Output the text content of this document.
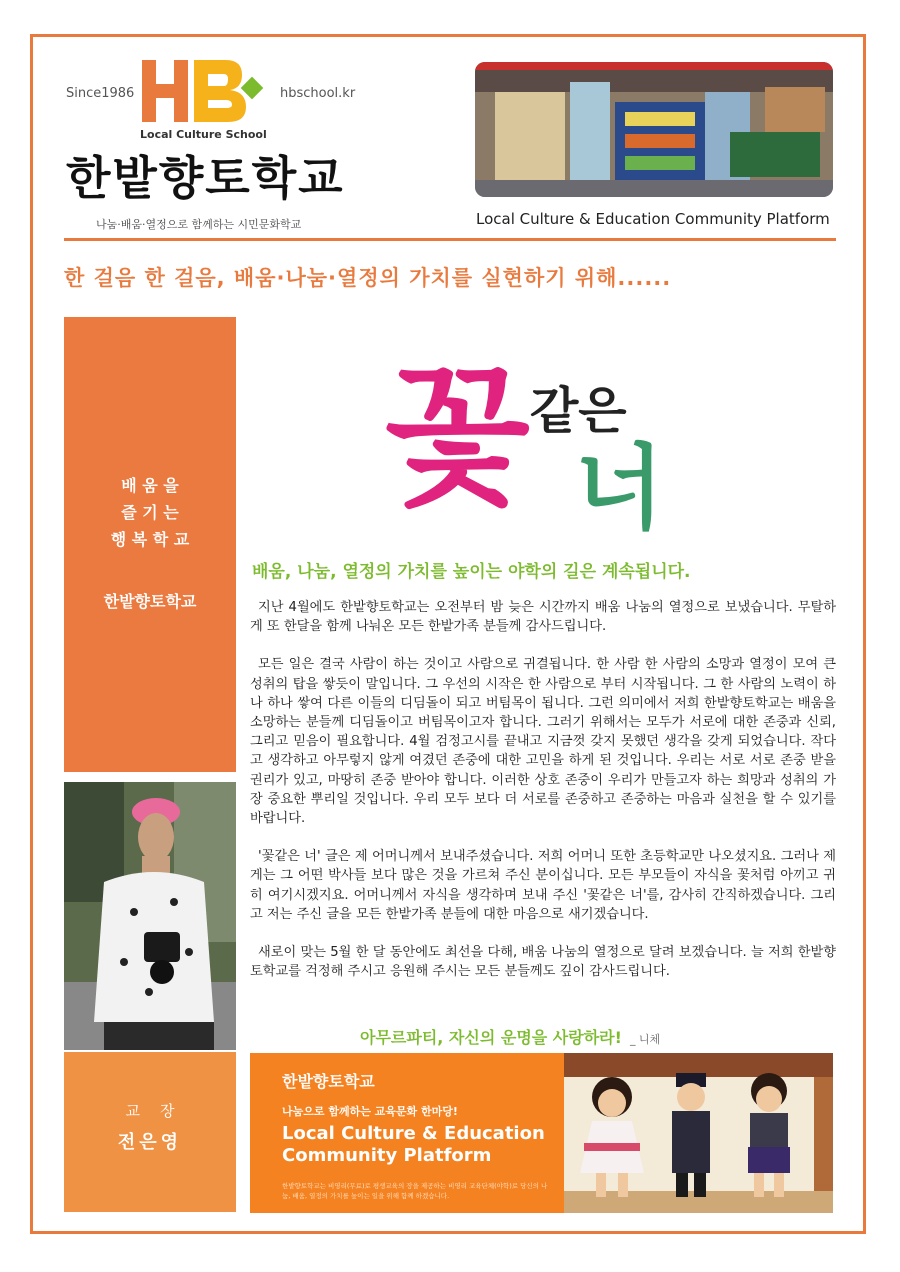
Since1986	hbschool.kr
Local Culture School
한밭향토학교
나눔·배움·열정으로 함께하는 시민문화학교	Local Culture & Education Community Platform
한 걸음 한 걸음, 배움·나눔·열정의 가치를 실현하기 위해......
배 움 을
즐 기 는
행 복 학 교
한밭향토학교
교장
전은영
꽃 같은
너
배움, 나눔, 열정의 가치를 높이는 야학의 길은 계속됩니다.

지난 4월에도 한밭향토학교는 오전부터 밤 늦은 시간까지 배움 나눔의 열정으로 보냈습니다. 무탈하게 또 한달을 함께 나눠온 모든 한밭가족 분들께 감사드립니다.

모든 일은 결국 사람이 하는 것이고 사람으로 귀결됩니다. 한 사람 한 사람의 소망과 열정이 모여 큰 성취의 탑을 쌓듯이 말입니다. 그 우선의 시작은 한 사람으로 부터 시작됩니다. 그 한 사람의 노력이 하나 하나 쌓여 다른 이들의 디딤돌이 되고 버팀목이 됩니다. 그런 의미에서 저희 한밭향토학교는 배움을 소망하는 분들께 디딤돌이고 버팀목이고자 합니다. 그러기 위해서는 모두가 서로에 대한 존중과 신뢰, 그리고 믿음이 필요합니다. 4월 검정고시를 끝내고 지금껏 갖지 못했던 생각을 갖게 되었습니다. 작다고 생각하고 아무렇지 않게 여겼던 존중에 대한 고민을 하게 된 것입니다. 우리는 서로 서로 존중 받을 권리가 있고, 마땅히 존중 받아야 합니다. 이러한 상호 존중이 우리가 만들고자 하는 희망과 성취의 가장 중요한 뿌리일 것입니다. 우리 모두 보다 더 서로를 존중하고 존중하는 마음과 실천을 할 수 있기를 바랍니다.

'꽃같은 너' 글은 제 어머니께서 보내주셨습니다. 저희 어머니 또한 초등학교만 나오셨지요. 그러나 제게는 그 어떤 박사들 보다 많은 것을 가르쳐 주신 분이십니다. 모든 부모들이 자식을 꽃처럼 아끼고 귀히 여기시겠지요. 어머니께서 자식을 생각하며 보내 주신 '꽃같은 너'를, 감사히 간직하겠습니다. 그리고 저는 주신 글을 모든 한밭가족 분들에 대한 마음으로 새기겠습니다.

새로이 맞는 5월 한 달 동안에도 최선을 다해, 배움 나눔의 열정으로 달려 보겠습니다. 늘 저희 한밭향토학교를 걱정해 주시고 응원해 주시는 모든 분들께도 깊이 감사드립니다.

아무르파티, 자신의 운명을 사랑하라! _ 니체
한밭향토학교
나눔으로 함께하는 교육문화 한마당!
Local Culture & Education Community Platform
한밭향토학교는 비영리(무료)로 평생교육의 장을 제공하는 비영리 교육단체(야학)로 당신의 나눔, 배움, 열정의 가치를 높이는 일을 위해 함께 하겠습니다.
